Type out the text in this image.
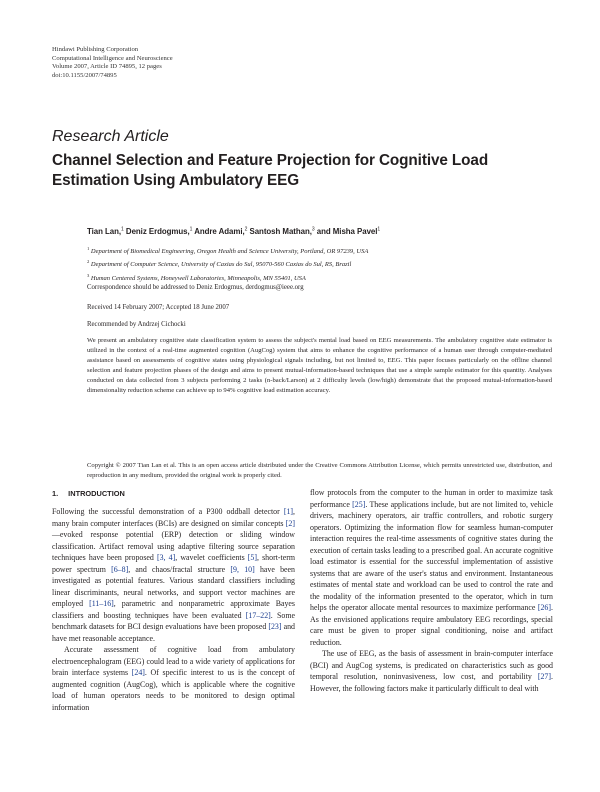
Hindawi Publishing Corporation
Computational Intelligence and Neuroscience
Volume 2007, Article ID 74895, 12 pages
doi:10.1155/2007/74895
Research Article
Channel Selection and Feature Projection for Cognitive Load
Estimation Using Ambulatory EEG
Tian Lan,$^1$ Deniz Erdogmus,$^1$ Andre Adami,$^2$ Santosh Mathan,$^3$ and Misha Pavel$^1$
$^1$ Department of Biomedical Engineering, Oregon Health and Science University, Portland, OR 97239, USA
$^2$ Department of Computer Science, University of Caxias do Sul, 95070-560 Caxias do Sul, RS, Brazil
$^3$ Human Centered Systems, Honeywell Laboratories, Minneapolis, MN 55401, USA
Correspondence should be addressed to Deniz Erdogmus, derdogmus@ieee.org
Received 14 February 2007; Accepted 18 June 2007
Recommended by Andrzej Cichocki
We present an ambulatory cognitive state classification system to assess the subject's mental load based on EEG measurements. The ambulatory cognitive state estimator is utilized in the context of a real-time augmented cognition (AugCog) system that aims to enhance the cognitive performance of a human user through computer-mediated assistance based on assessments of cognitive states using physiological signals including, but not limited to, EEG. This paper focuses particularly on the offline channel selection and feature projection phases of the design and aims to present mutual-information-based techniques that use a simple sample estimator for this quantity. Analyses conducted on data collected from 3 subjects performing 2 tasks (n-back/Larson) at 2 difficulty levels (low/high) demonstrate that the proposed mutual-information-based dimensionality reduction scheme can achieve up to 94% cognitive load estimation accuracy.
Copyright © 2007 Tian Lan et al. This is an open access article distributed under the Creative Commons Attribution License, which permits unrestricted use, distribution, and reproduction in any medium, provided the original work is properly cited.
1. INTRODUCTION

Following the successful demonstration of a P300 oddball detector [1], many brain computer interfaces (BCIs) are designed on similar concepts [2]—evoked response potential (ERP) detection or sliding window classification. Artifact removal using adaptive filtering source separation techniques have been proposed [3, 4], wavelet coefficients [5], short-term power spectrum [6–8], and chaos/fractal structure [9, 10] have been investigated as potential features. Various standard classifiers including linear discriminants, neural networks, and support vector machines are employed [11–16], parametric and nonparametric approximate Bayes classifiers and boosting techniques have been evaluated [17–22]. Some benchmark datasets for BCI design evaluations have been proposed [23] and have met reasonable acceptance.

Accurate assessment of cognitive load from ambulatory electroencephalogram (EEG) could lead to a wide variety of applications for brain interface systems [24]. Of specific interest to us is the concept of augmented cognition (AugCog), which is applicable where the cognitive load of human operators needs to be monitored to design optimal information

flow protocols from the computer to the human in order to maximize task performance [25]. These applications include, but are not limited to, vehicle drivers, machinery operators, air traffic controllers, and robotic surgery operators. Optimizing the information flow for seamless human-computer interaction requires the real-time assessments of cognitive states during the execution of certain tasks leading to a prescribed goal. An accurate cognitive load estimator is essential for the successful implementation of assistive systems that are aware of the user's status and environment. Instantaneous estimates of mental state and workload can be used to control the rate and the modality of the information presented to the operator, which in turn helps the operator allocate mental resources to maximize performance [26]. As the envisioned applications require ambulatory EEG recordings, special care must be given to proper signal conditioning, noise and artifact reduction.

The use of EEG, as the basis of assessment in brain-computer interface (BCI) and AugCog systems, is predicated on characteristics such as good temporal resolution, noninvasiveness, low cost, and portability [27]. However, the following factors make it particularly difficult to deal with
